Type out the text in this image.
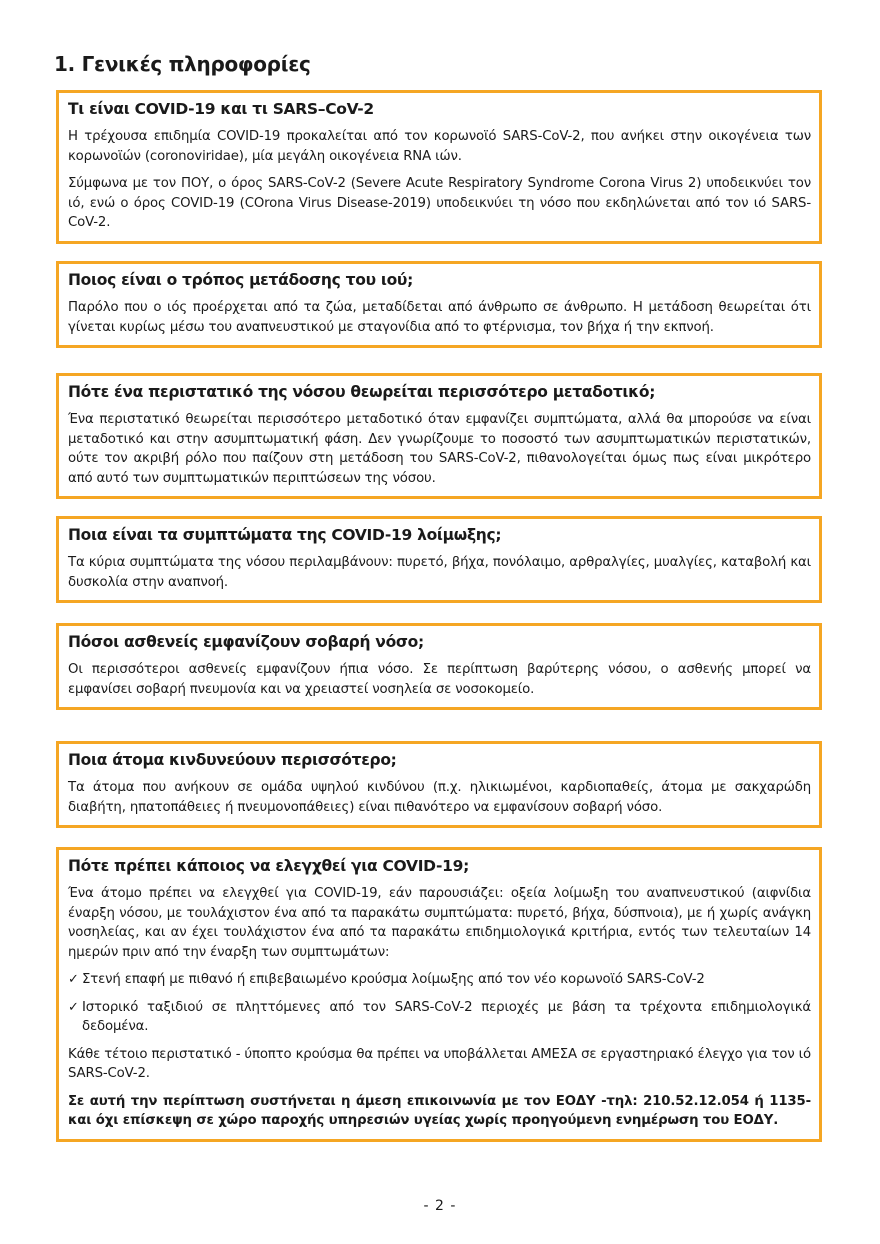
1. Γενικές πληροφορίες
Τι είναι COVID-19 και τι SARS–CoV-2

Η τρέχουσα επιδημία COVID-19 προκαλείται από τον κορωνοϊό SARS-CoV-2, που ανήκει στην οικογένεια των κορωνοϊών (coronoviridae), μία μεγάλη οικογένεια RNA ιών.

Σύμφωνα με τον ΠΟΥ, ο όρος SARS-CoV-2 (Severe Acute Respiratory Syndrome Corona Virus 2) υποδεικνύει τον ιό, ενώ ο όρος COVID-19 (COrona Virus Disease-2019) υποδεικνύει τη νόσο που εκδηλώνεται από τον ιό SARS-CoV-2.

Ποιος είναι ο τρόπος μετάδοσης του ιού;

Παρόλο που ο ιός προέρχεται από τα ζώα, μεταδίδεται από άνθρωπο σε άνθρωπο. Η μετάδοση θεωρείται ότι γίνεται κυρίως μέσω του αναπνευστικού με σταγονίδια από το φτέρνισμα, τον βήχα ή την εκπνοή.

Πότε ένα περιστατικό της νόσου θεωρείται περισσότερο μεταδοτικό;

Ένα περιστατικό θεωρείται περισσότερο μεταδοτικό όταν εμφανίζει συμπτώματα, αλλά θα μπορούσε να είναι μεταδοτικό και στην ασυμπτωματική φάση. Δεν γνωρίζουμε το ποσοστό των ασυμπτωματικών περιστατικών, ούτε τον ακριβή ρόλο που παίζουν στη μετάδοση του SARS-CoV-2, πιθανολογείται όμως πως είναι μικρότερο από αυτό των συμπτωματικών περιπτώσεων της νόσου.

Ποια είναι τα συμπτώματα της COVID-19 λοίμωξης;

Τα κύρια συμπτώματα της νόσου περιλαμβάνουν: πυρετό, βήχα, πονόλαιμο, αρθραλγίες, μυαλγίες, καταβολή και δυσκολία στην αναπνοή.

Πόσοι ασθενείς εμφανίζουν σοβαρή νόσο;

Οι περισσότεροι ασθενείς εμφανίζουν ήπια νόσο. Σε περίπτωση βαρύτερης νόσου, ο ασθενής μπορεί να εμφανίσει σοβαρή πνευμονία και να χρειαστεί νοσηλεία σε νοσοκομείο.

Ποια άτομα κινδυνεύουν περισσότερο;

Τα άτομα που ανήκουν σε ομάδα υψηλού κινδύνου (π.χ. ηλικιωμένοι, καρδιοπαθείς, άτομα με σακχαρώδη διαβήτη, ηπατοπάθειες ή πνευμονοπάθειες) είναι πιθανότερο να εμφανίσουν σοβαρή νόσο.

Πότε πρέπει κάποιος να ελεγχθεί για COVID-19;

Ένα άτομο πρέπει να ελεγχθεί για COVID-19, εάν παρουσιάζει: οξεία λοίμωξη του αναπνευστικού (αιφνίδια έναρξη νόσου, με τουλάχιστον ένα από τα παρακάτω συμπτώματα: πυρετό, βήχα, δύσπνοια), με ή χωρίς ανάγκη νοσηλείας, και αν έχει τουλάχιστον ένα από τα παρακάτω επιδημιολογικά κριτήρια, εντός των τελευταίων 14 ημερών πριν από την έναρξη των συμπτωμάτων:

✓ Στενή επαφή με πιθανό ή επιβεβαιωμένο κρούσμα λοίμωξης από τον νέο κορωνοϊό SARS-CoV-2

✓ Ιστορικό ταξιδιού σε πληττόμενες από τον SARS-CoV-2 περιοχές με βάση τα τρέχοντα επιδημιολογικά δεδομένα.

Κάθε τέτοιο περιστατικό - ύποπτο κρούσμα θα πρέπει να υποβάλλεται ΑΜΕΣΑ σε εργαστηριακό έλεγχο για τον ιό SARS-CoV-2.

Σε αυτή την περίπτωση συστήνεται η άμεση επικοινωνία με τον ΕΟΔΥ -τηλ: 210.52.12.054 ή 1135- και όχι επίσκεψη σε χώρο παροχής υπηρεσιών υγείας χωρίς προηγούμενη ενημέρωση του ΕΟΔΥ.

- 2 -
